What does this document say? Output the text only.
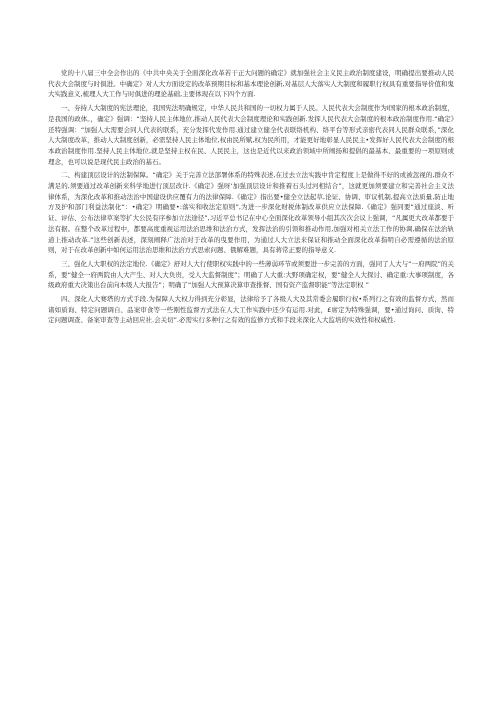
党的十八届三中全会作出的《中共中央关于全面深化改革若干正大问题的确定》就加强社会主义民主政治制度建设，明确提出要推动人民代表大会制度与时俱进。中确定》对人大方面设定的改革预期目标和基本理论创新,对基层人大落实人大制度和履职行权具有重要指导价值和鬼大实践意义,梳理人大工作与时俱进的理论基础,主要体现在以下四个方面.

一、夯持人大制度的宪法理论，我国宪法明确规定，中华人民共和国的一切权力属于人民。人民代表大会制度作为Ⅰ国家的根本政治制度，是我国的政体。，确定》强调：“坚持人民主体地位,推动人民代表大会制度理论和实践创新.发挥人民代表大会制度的根本政治制度作用.“确定》还特强调：“加强人大需要会同人代表的联系，充分发挥代发作用.通过建立健全代表联络机构、络平台等形式亲密代表同人民群众联系，”深化人大制度改革，推动人大制度创新，必需坚持人民主体地位,权由民所赋,权为民所用，才能更好地彰显人民民主•发挥好人民代表大会制度的根本政治制度作用.坚持人民主体地位,就是坚持主权在民、人民民主，这也是近代以来政治领域中所阐扬和提倡的最基本、最重要的一项原则或理念，也可以说是现代民主政治的基石。

二、构建顶层设计的法制保障。“确定》关于完善立法部署体系的特殊表述,在过去立法实践中肯定程度上是做得不好的或被忽视的,群众不满足的,须要通过改革创新来科学地进行顶层改计.《确定》强呀‘加强顶层设计和推着石头过河相结合”，这就更加须要建立和完善社会主义法律体系，为深化改革和推动法治中国建设供应覆有力的法律保障.《确定》指出要•健全立法起草,论证、协调、审议机制,提高立法质量,防止地方及护和部门利益法制化“：•确定》明确要•:落实和收法定原则”,为进一步深化财税体制改革供应立法保障.《确定》强同要“通过座淡、听证、评估、公布法律草案等扩大公民有序参加立法途径”,习近平总书记在中心全面深化改革领导小组其次次会议上强调，“凡属更大改革都要于法有据。在整个改革过程中，都要高度重视运用法治思维和法治方式，发挥法治的引领和推动作用,加强对相关立法工作的协调,确保在法治轨道上推动改革.”这些创新表述，深刻阐释广法治对于改革的曳要作用，为通过人大立法来保证和推动全面深化改革指明自必需遵循的法治原则，对于在改革创新中如何运用法治思维和法治方式思索问题、俄解难题，具有蒋常正要的指导意义.

三、强化人大职权的法定地位.《确定》舒对人大行使职权实践中的一些薄弱环节或须要进一步完善的方面，强同了人大与“一府两院”的关系，要“健全一府两院由人大产生、对人大负贵，受人大监督制度”；明确了人大重:大野项确定权，要“健全人大探讨、确定重:大事项制度，各级政府重大决策出台前向本级人大报告”；明确了“加强人大预算决算审查推督、国有资产监督职能”等法定职权 ”

四、深化人大赛塔的方式手段.为保障人大权力得到充分彰显，法律给予了各级人大及其常委会履职行权•系列行之有效的监督方式，然而诸如质询、特定问题调自、品案审食等一些刚性监督方式法在人大工作实践中还少有运用.对此，£席定为特殊强调，要•通过询问、质询、特定问题调查、备案审查等主动回应社.会关切”.必需实行多种行之有效的监修方式和手段来深化人大监培的实效性和权威性.
